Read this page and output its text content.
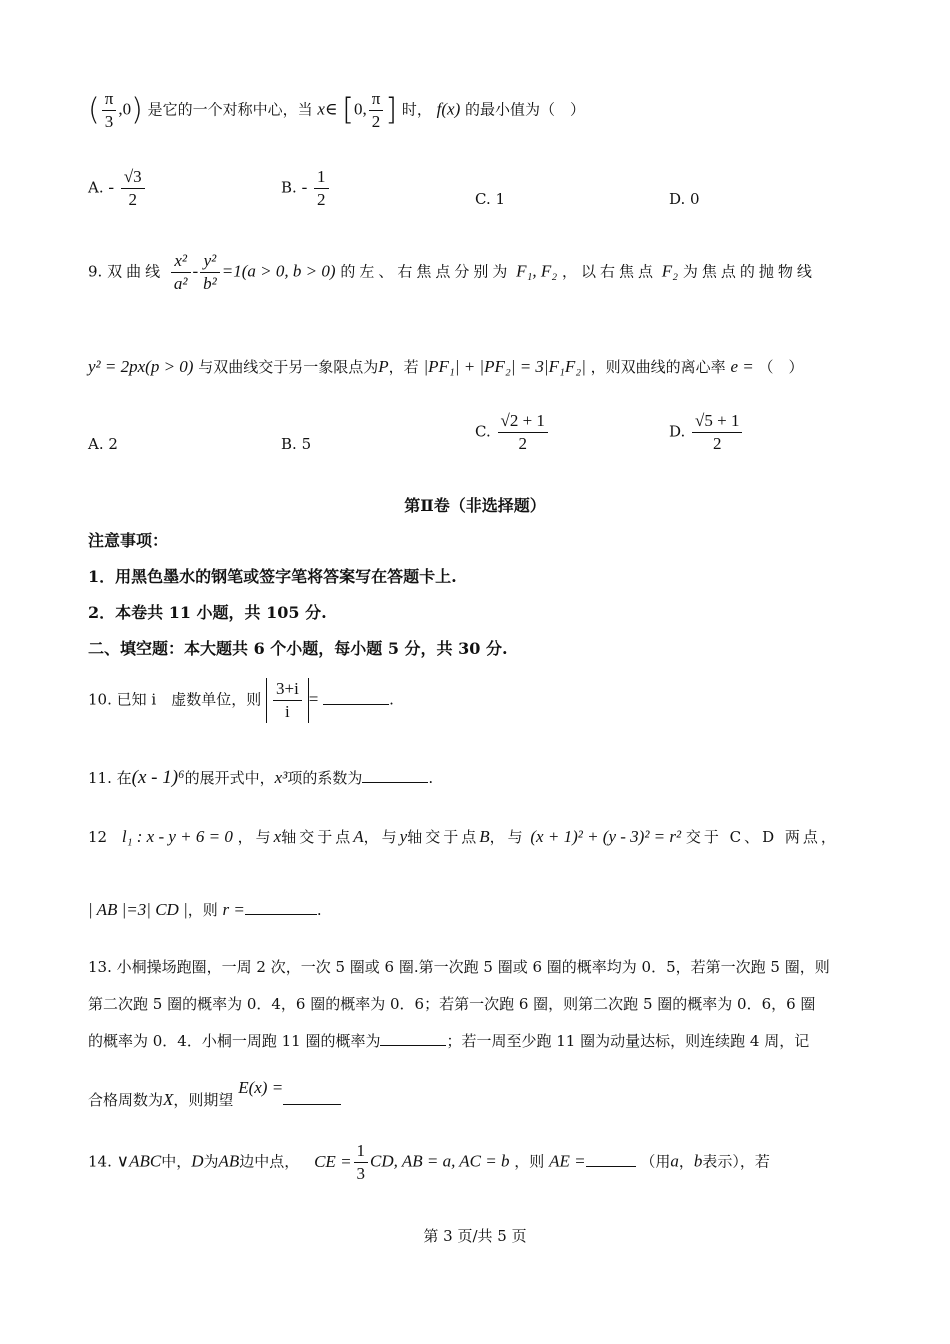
( $\frac{\pi}{3} ,0$) 是它的一个对称中心，当 x∈ [0, $\frac{\pi}{2}$ ] 时， f(x) 的最小值为（　）
A. - $\frac{√3}{2}$	B. - $\frac{1}{2}$	C. 1	D. 0
9. 双曲线 $\frac{\text{x²}}{\text{a²}} - \frac{\text{y²}}{\text{b²}} =1(a > 0$, b > 0) 的左、右焦点分别为 F₁, F₂ ，以右焦点 F₂ 为焦点的抛物线
y² = 2px(p > 0) 与双曲线交于另一象限点为P，若 |PF₁| + |PF₂| = 3|F₁F₂| ，则双曲线的离心率 e = （　）
A. 2	B. 5
C. $\frac{√2 + 1}{2}$	D. $\frac{√5 + 1}{2}$
第Ⅱ卷（非选择题）
注意事项：
1．用黑色墨水的钢笔或签字笔将答案写在答题卡上.
2．本卷共 11 小题，共 105 分.
二、填空题：本大题共 6 个小题，每小题 5 分，共 30 分.
10. 已知 i　虚数单位，则 $\frac{3+i}{i}$ =	.
11. 在(x - 1)⁶的展开式中，x³项的系数为	.
12 l₁ : x - y + 6 = 0 ，与x轴交于点A，与y轴交于点B，与 (x + 1)² + (y - 3)² = r² 交于 C、D 两点，
| AB |=3| CD |，则 r =	.
13. 小桐操场跑圈，一周 2 次，一次 5 圈或 6 圈.第一次跑 5 圈或 6 圈的概率均为 0．5，若第一次跑 5 圈，则
第二次跑 5 圈的概率为 0．4，6 圈的概率为 0．6；若第一次跑 6 圈，则第二次跑 5 圈的概率为 0．6，6 圈
的概率为 0．4．小桐一周跑 11 圈的概率为	；若一周至少跑 11 圈为动量达标，则连续跑 4 周，记
合格周数为X，则期望 E(x) =
14. ∨ABC中，D为AB边中点， CE = $\frac{1}{3}$ CD, AB = a, AC = b ，则 AE =	（用a，b表示），若
第 3 页/共 5 页
